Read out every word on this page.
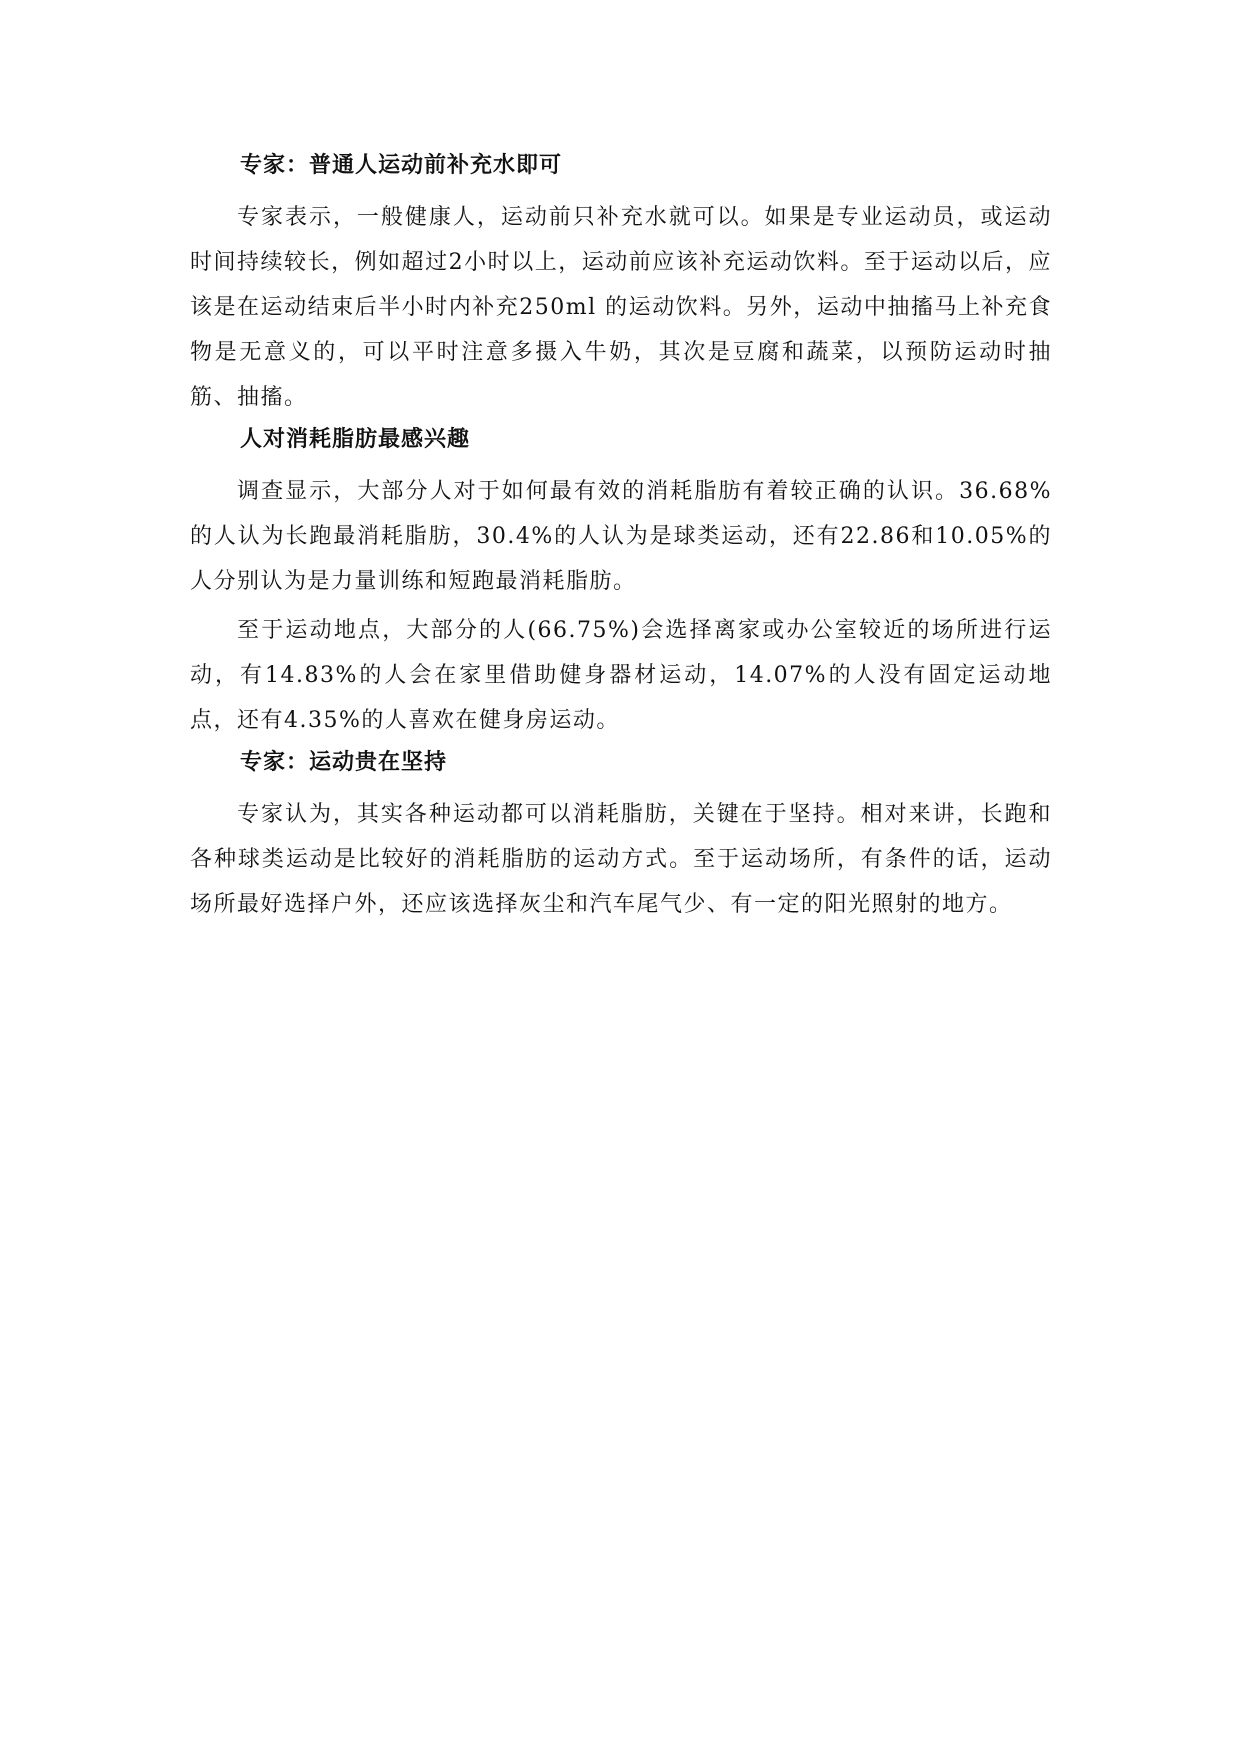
专家：普通人运动前补充水即可

专家表示，一般健康人，运动前只补充水就可以。如果是专业运动员，或运动时间持续较长，例如超过2小时以上，运动前应该补充运动饮料。至于运动以后，应该是在运动结束后半小时内补充250ml 的运动饮料。另外，运动中抽搐马上补充食物是无意义的，可以平时注意多摄入牛奶，其次是豆腐和蔬菜，以预防运动时抽筋、抽搐。

人对消耗脂肪最感兴趣

调查显示，大部分人对于如何最有效的消耗脂肪有着较正确的认识。36.68%的人认为长跑最消耗脂肪，30.4%的人认为是球类运动，还有22.86和10.05%的人分别认为是力量训练和短跑最消耗脂肪。

至于运动地点，大部分的人(66.75%)会选择离家或办公室较近的场所进行运动，有14.83%的人会在家里借助健身器材运动，14.07%的人没有固定运动地点，还有4.35%的人喜欢在健身房运动。

专家：运动贵在坚持

专家认为，其实各种运动都可以消耗脂肪，关键在于坚持。相对来讲，长跑和各种球类运动是比较好的消耗脂肪的运动方式。至于运动场所，有条件的话，运动场所最好选择户外，还应该选择灰尘和汽车尾气少、有一定的阳光照射的地方。
